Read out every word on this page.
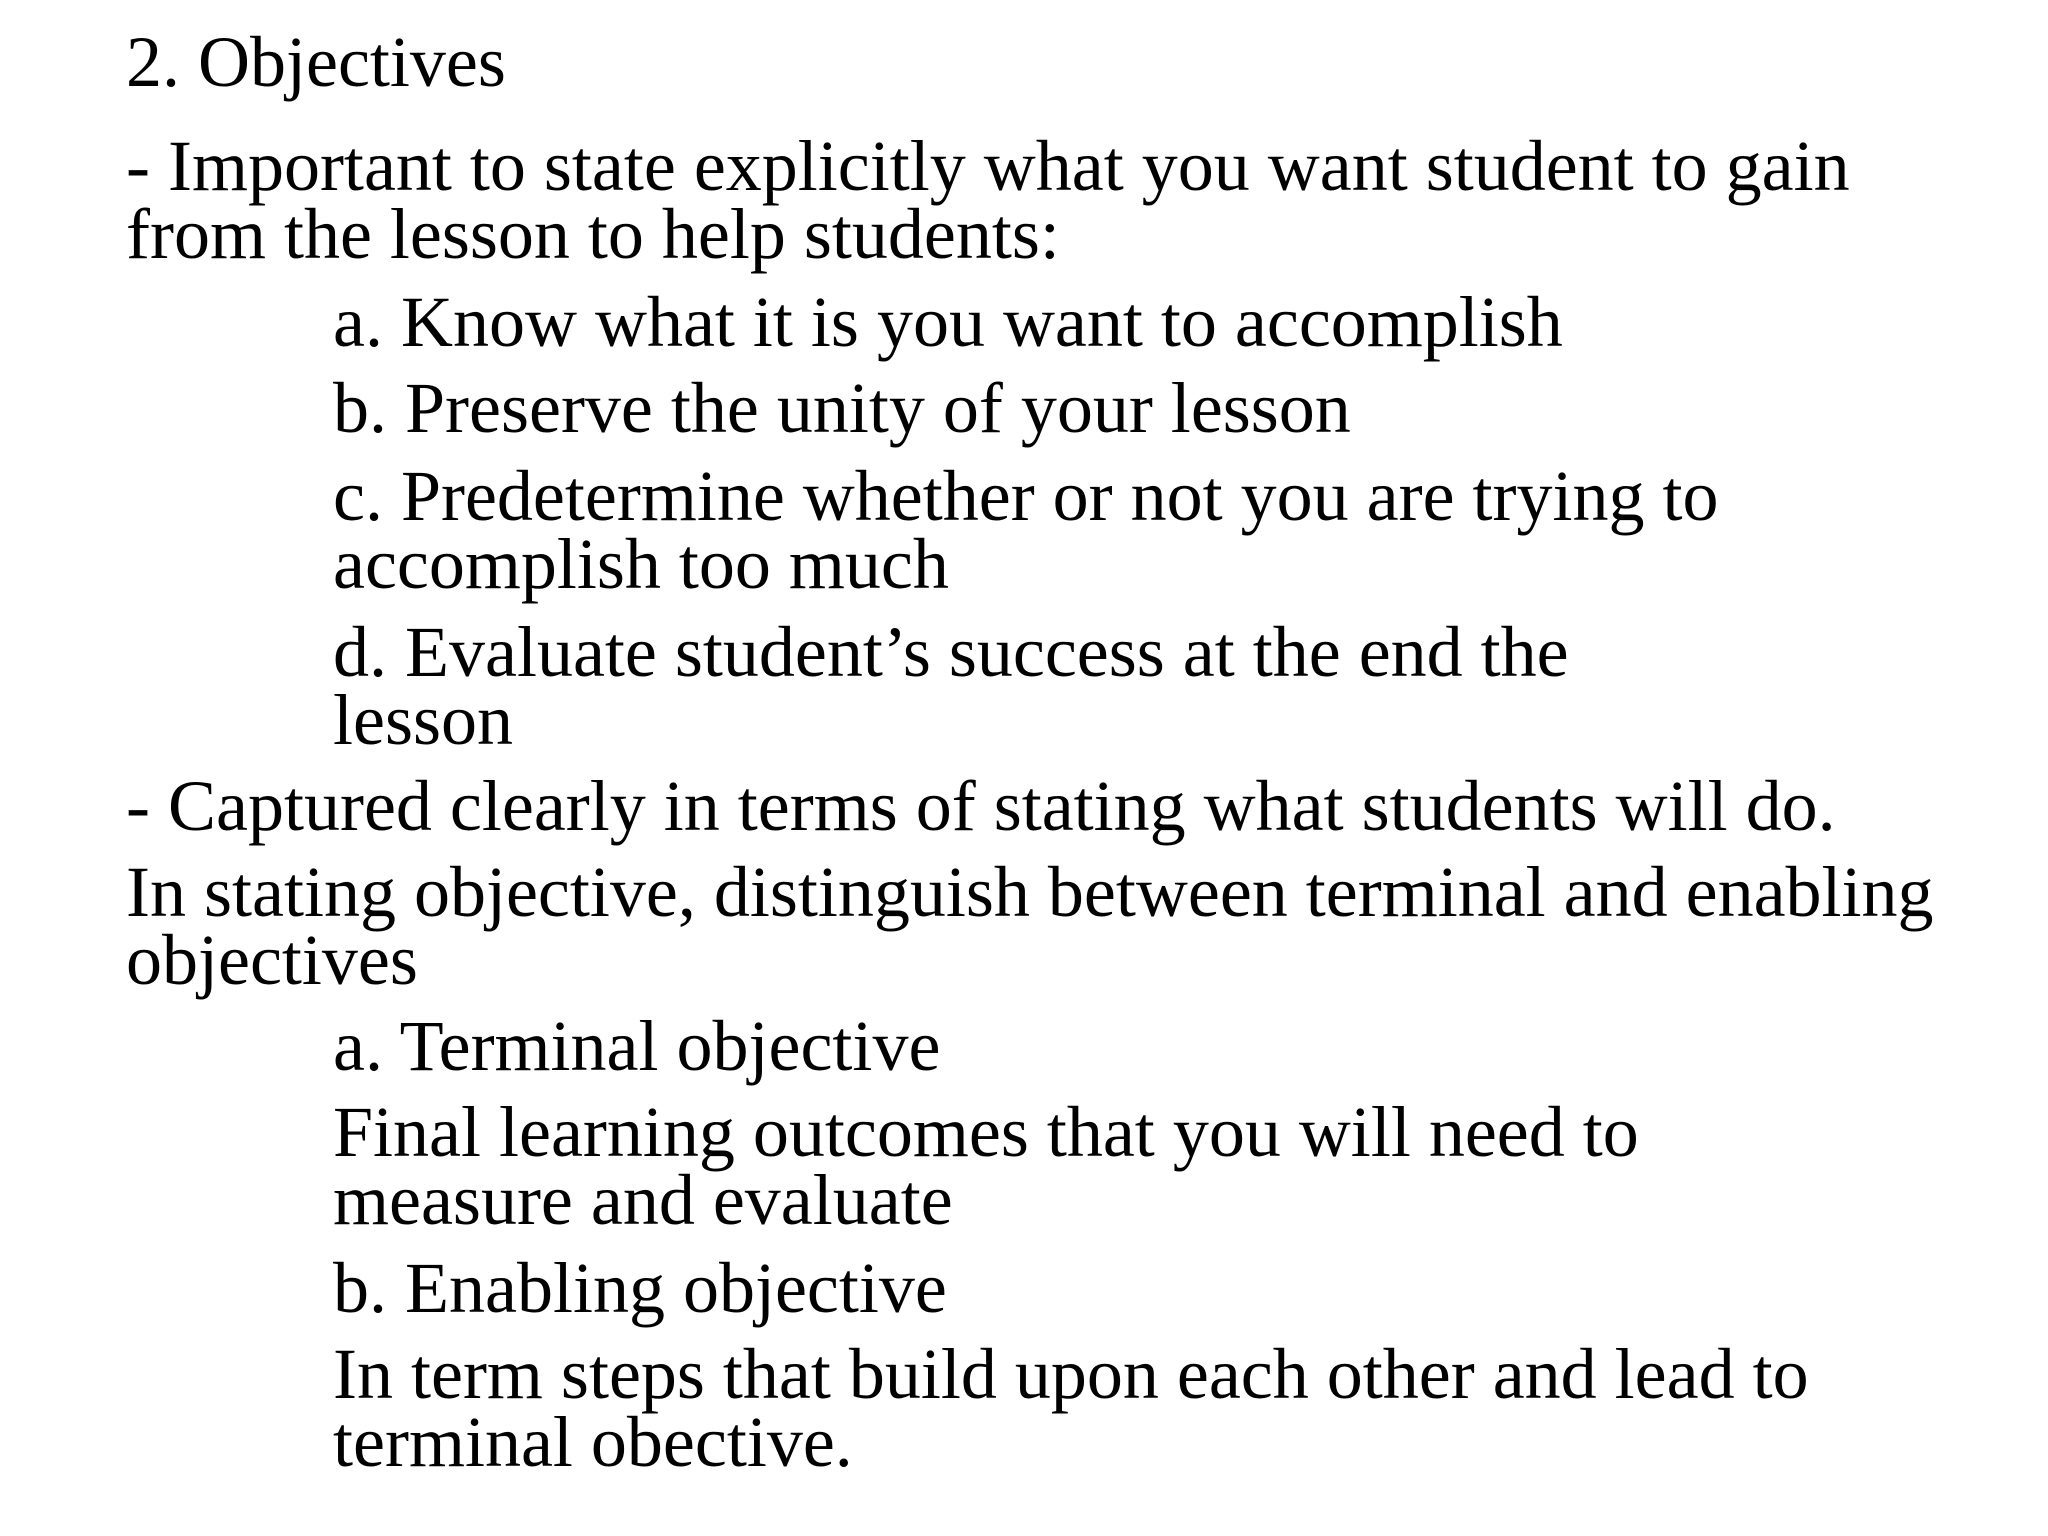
2. Objectives
- Important to state explicitly what you want student to gain
from the lesson to help students:
a. Know what it is you want to accomplish
b. Preserve the unity of your lesson
c. Predetermine whether or not you are trying to
accomplish too much
d. Evaluate student’s success at the end the
lesson
- Captured clearly in terms of stating what students will do.
In stating objective, distinguish between terminal and enabling
objectives
a. Terminal objective
Final learning outcomes that you will need to
measure and evaluate
b. Enabling objective
In term steps that build upon each other and lead to
terminal obective.
